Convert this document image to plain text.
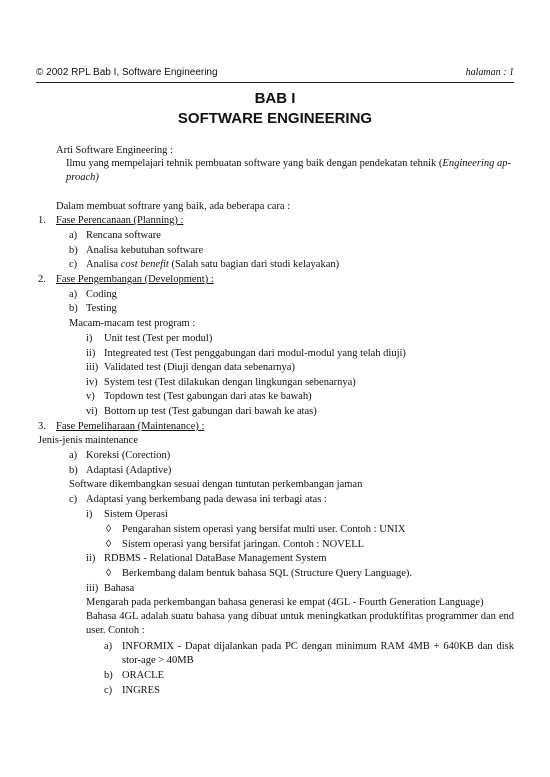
© 2002 RPL Bab I, Software Engineering	halaman : 1
BAB I
SOFTWARE ENGINEERING
Arti Software Engineering :
Ilmu yang mempelajari tehnik pembuatan software yang baik dengan pendekatan tehnik (Engineering ap-
proach)
Dalam membuat softrare yang baik, ada beberapa cara :
1. Fase Perencanaan (Planning) :
a) Rencana software
b) Analisa kebutuhan software
c) Analisa cost benefit (Salah satu bagian dari studi kelayakan)
2. Fase Pengembangan (Development) :
a) Coding
b) Testing
Macam-macam test program :
i) Unit test (Test per modul)
ii) Integreated test (Test penggabungan dari modul-modul yang telah diuji)
iii) Validated test (Diuji dengan data sebenarnya)
iv) System test (Test dilakukan dengan lingkungan sebenarnya)
v) Topdown test (Test gabungan dari atas ke bawah)
vi) Bottom up test (Test gabungan dari bawah ke atas)
3. Fase Pemeliharaan (Maintenance) :
Jenis-jenis maintenance
a) Koreksi (Corection)
b) Adaptasi (Adaptive)
Software dikembangkan sesuai dengan tuntutan perkembangan jaman
c) Adaptasi yang berkembang pada dewasa ini terbagi atas :
i) Sistem Operasi
◊ Pengarahan sistem operasi yang bersifat multi user. Contoh : UNIX
◊ Sistem operasi yang bersifat jaringan. Contoh : NOVELL
ii) RDBMS - Relational DataBase Management System
◊ Berkembang dalam bentuk bahasa SQL (Structure Query Language).
iii) Bahasa
Mengarah pada perkembangan bahasa generasi ke empat (4GL - Fourth Generation Language)
Bahasa 4GL adalah suatu bahasa yang dibuat untuk meningkatkan produktifitas programmer dan end user. Contoh :
a) INFORMIX - Dapat dijalankan pada PC dengan minimum RAM 4MB + 640KB dan disk stor-age > 40MB
b) ORACLE
c) INGRES
